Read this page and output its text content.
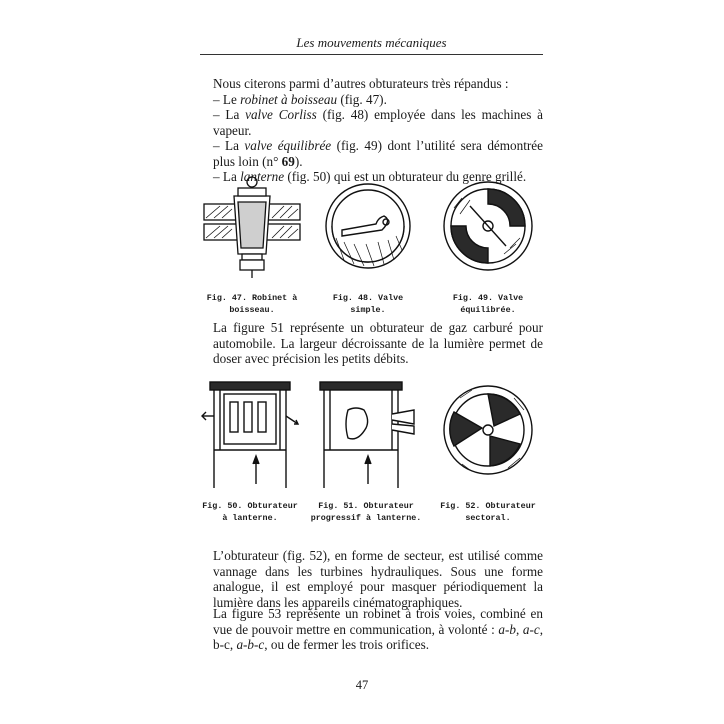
Les mouvements mécaniques

Nous citerons parmi d’autres obturateurs très répandus :

– Le robinet à boisseau (fig. 47).
– La valve Corliss (fig. 48) employée dans les machines à vapeur.
– La valve équilibrée (fig. 49) dont l’utilité sera démontrée plus loin (n° 69).
– La lanterne (fig. 50) qui est un obturateur du genre grillé.
Fig. 47. Robinet à boisseau.
Fig. 48. Valve simple.
Fig. 49. Valve équilibrée.

La figure 51 représente un obturateur de gaz carburé pour automobile. La largeur décroissante de la lumière permet de doser avec précision les petits débits.

Fig. 50. Obturateur à lanterne.
Fig. 51. Obturateur progressif à lanterne.
Fig. 52. Obturateur sectoral.

L’obturateur (fig. 52), en forme de secteur, est utilisé comme vannage dans les turbines hydrauliques. Sous une forme analogue, il est employé pour masquer périodiquement la lumière dans les appareils cinématographiques.

La figure 53 représente un robinet à trois voies, combiné en vue de pouvoir mettre en communication, à volonté : a-b, a-c, b-c, a-b-c, ou de fermer les trois orifices.

47
